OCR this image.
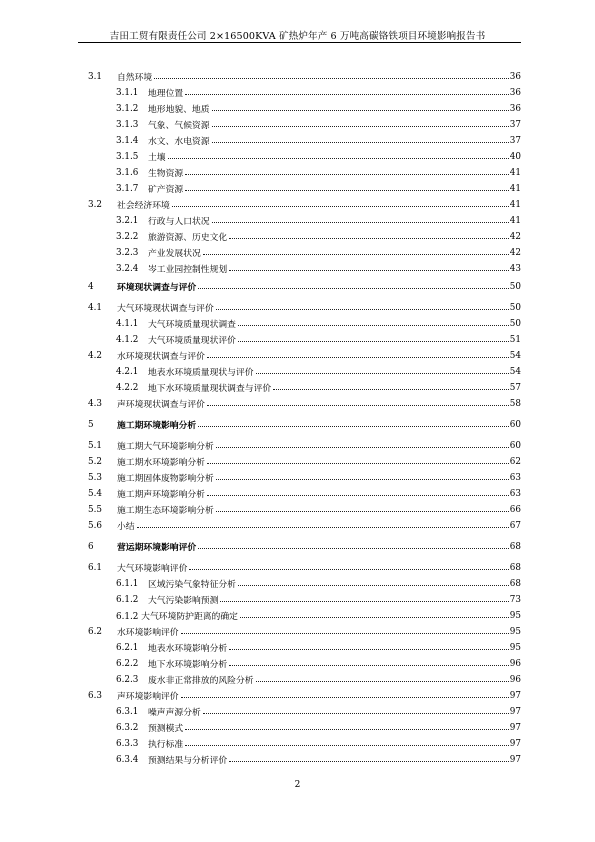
吉田工贸有限责任公司 2×16500KVA 矿热炉年产 6 万吨高碳铬铁项目环境影响报告书
3.1 自然环境	36
3.1.1 地理位置	36
3.1.2 地形地貌、地质	36
3.1.3 气象、气候资源	37
3.1.4 水文、水电资源	37
3.1.5 土壤	40
3.1.6 生物资源	41
3.1.7 矿产资源	41
3.2 社会经济环境	41
3.2.1 行政与人口状况	41
3.2.2 旅游资源、历史文化	42
3.2.3 产业发展状况	42
3.2.4 岑工业园控制性规划	43
4	环境现状调查与评价	50
4.1 大气环境现状调查与评价	50
4.1.1 大气环境质量现状调查	50
4.1.2 大气环境质量现状评价	51
4.2 水环境现状调查与评价	54
4.2.1 地表水环境质量现状与评价	54
4.2.2 地下水环境质量现状调查与评价	57
4.3 声环境现状调查与评价	58
5	施工期环境影响分析	60
5.1 施工期大气环境影响分析	60
5.2 施工期水环境影响分析	62
5.3 施工期固体废物影响分析	63
5.4 施工期声环境影响分析	63
5.5 施工期生态环境影响分析	66
5.6 小结	67
6	营运期环境影响评价	68
6.1 大气环境影响评价	68
6.1.1 区域污染气象特征分析	68
6.1.2 大气污染影响预测	73
6.1.2 大气环境防护距离的确定	95
6.2 水环境影响评价	95
6.2.1 地表水环境影响分析	95
6.2.2 地下水环境影响分析	96
6.2.3 废水非正常排放的风险分析	96
6.3 声环境影响评价	97
6.3.1 噪声声源分析	97
6.3.2 预测模式	97
6.3.3 执行标准	97
6.3.4 预测结果与分析评价	97
2
